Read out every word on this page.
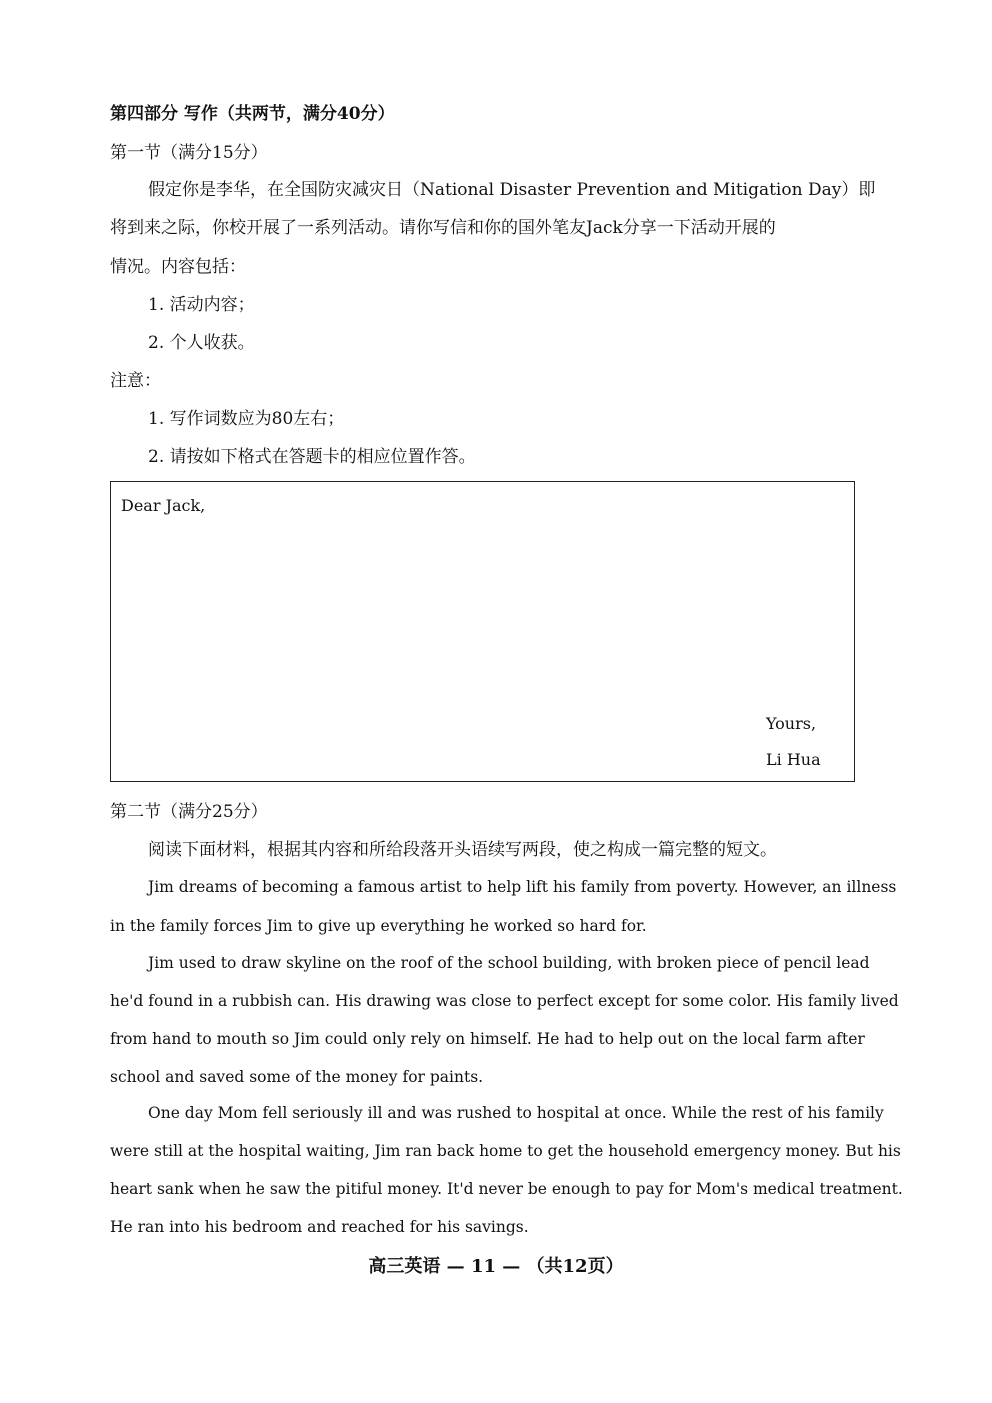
第四部分 写作（共两节，满分40分）
第一节（满分15分）
假定你是李华，在全国防灾减灾日（National Disaster Prevention and Mitigation Day）即
将到来之际，你校开展了一系列活动。请你写信和你的国外笔友Jack分享一下活动开展的
情况。内容包括：
1. 活动内容；
2. 个人收获。
注意：
1. 写作词数应为80左右；
2. 请按如下格式在答题卡的相应位置作答。
Dear Jack,
Yours,
Li Hua
第二节（满分25分）
阅读下面材料，根据其内容和所给段落开头语续写两段，使之构成一篇完整的短文。
Jim dreams of becoming a famous artist to help lift his family from poverty. However, an illness
in the family forces Jim to give up everything he worked so hard for.
Jim used to draw skyline on the roof of the school building, with broken piece of pencil lead
he'd found in a rubbish can. His drawing was close to perfect except for some color. His family lived
from hand to mouth so Jim could only rely on himself. He had to help out on the local farm after
school and saved some of the money for paints.
One day Mom fell seriously ill and was rushed to hospital at once. While the rest of his family
were still at the hospital waiting, Jim ran back home to get the household emergency money. But his
heart sank when he saw the pitiful money. It'd never be enough to pay for Mom's medical treatment.
He ran into his bedroom and reached for his savings.
高三英语 — 11 — （共12页）
